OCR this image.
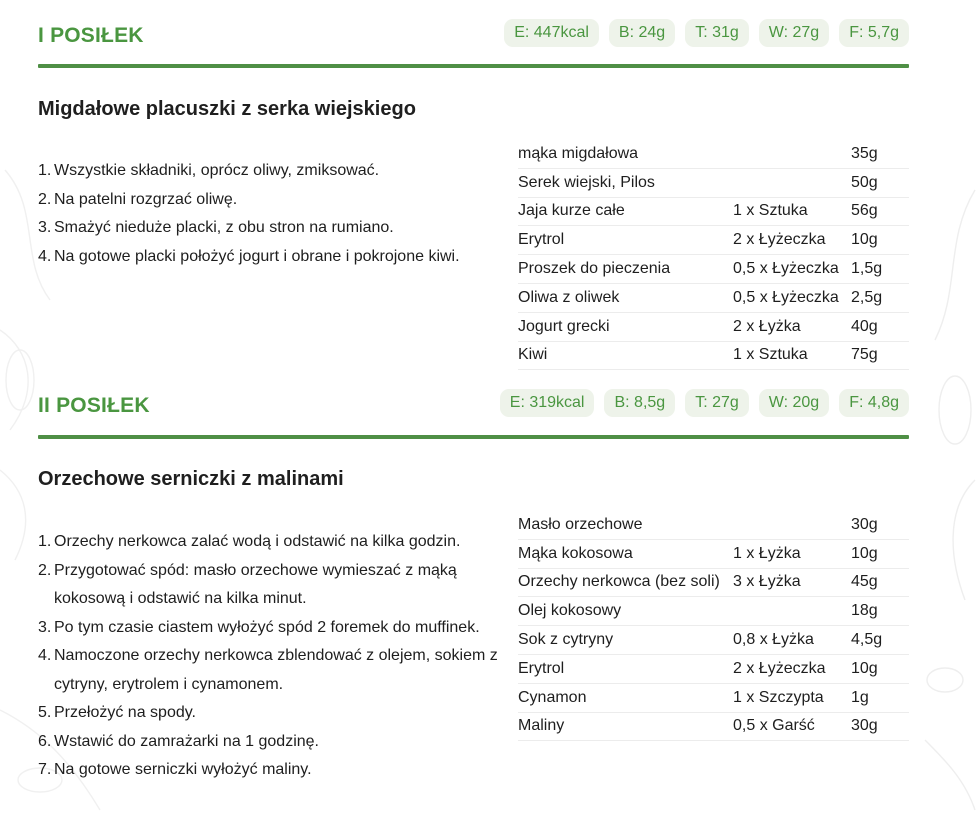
I POSIŁEK	E: 447kcal	B: 24g	T: 31g	W: 27g	F: 5,7g
Migdałowe placuszki z serka wiejskiego
1. Wszystkie składniki, oprócz oliwy, zmiksować.
2. Na patelni rozgrzać oliwę.
3. Smażyć nieduże placki, z obu stron na rumiano.
4. Na gotowe placki położyć jogurt i obrane i pokrojone kiwi.
mąka migdałowa		35g
Serek wiejski, Pilos		50g
Jaja kurze całe	1 x Sztuka	56g
Erytrol	2 x Łyżeczka	10g
Proszek do pieczenia	0,5 x Łyżeczka	1,5g
Oliwa z oliwek	0,5 x Łyżeczka	2,5g
Jogurt grecki	2 x Łyżka	40g
Kiwi	1 x Sztuka	75g
II POSIŁEK	E: 319kcal	B: 8,5g	T: 27g	W: 20g	F: 4,8g
Orzechowe serniczki z malinami
1. Orzechy nerkowca zalać wodą i odstawić na kilka godzin.
2. Przygotować spód: masło orzechowe wymieszać z mąką kokosową i odstawić na kilka minut.
3. Po tym czasie ciastem wyłożyć spód 2 foremek do muffinek.
4. Namoczone orzechy nerkowca zblendować z olejem, sokiem z cytryny, erytrolem i cynamonem.
5. Przełożyć na spody.
6. Wstawić do zamrażarki na 1 godzinę.
7. Na gotowe serniczki wyłożyć maliny.
Masło orzechowe		30g
Mąka kokosowa	1 x Łyżka	10g
Orzechy nerkowca (bez soli)	3 x Łyżka	45g
Olej kokosowy		18g
Sok z cytryny	0,8 x Łyżka	4,5g
Erytrol	2 x Łyżeczka	10g
Cynamon	1 x Szczypta	1g
Maliny	0,5 x Garść	30g
